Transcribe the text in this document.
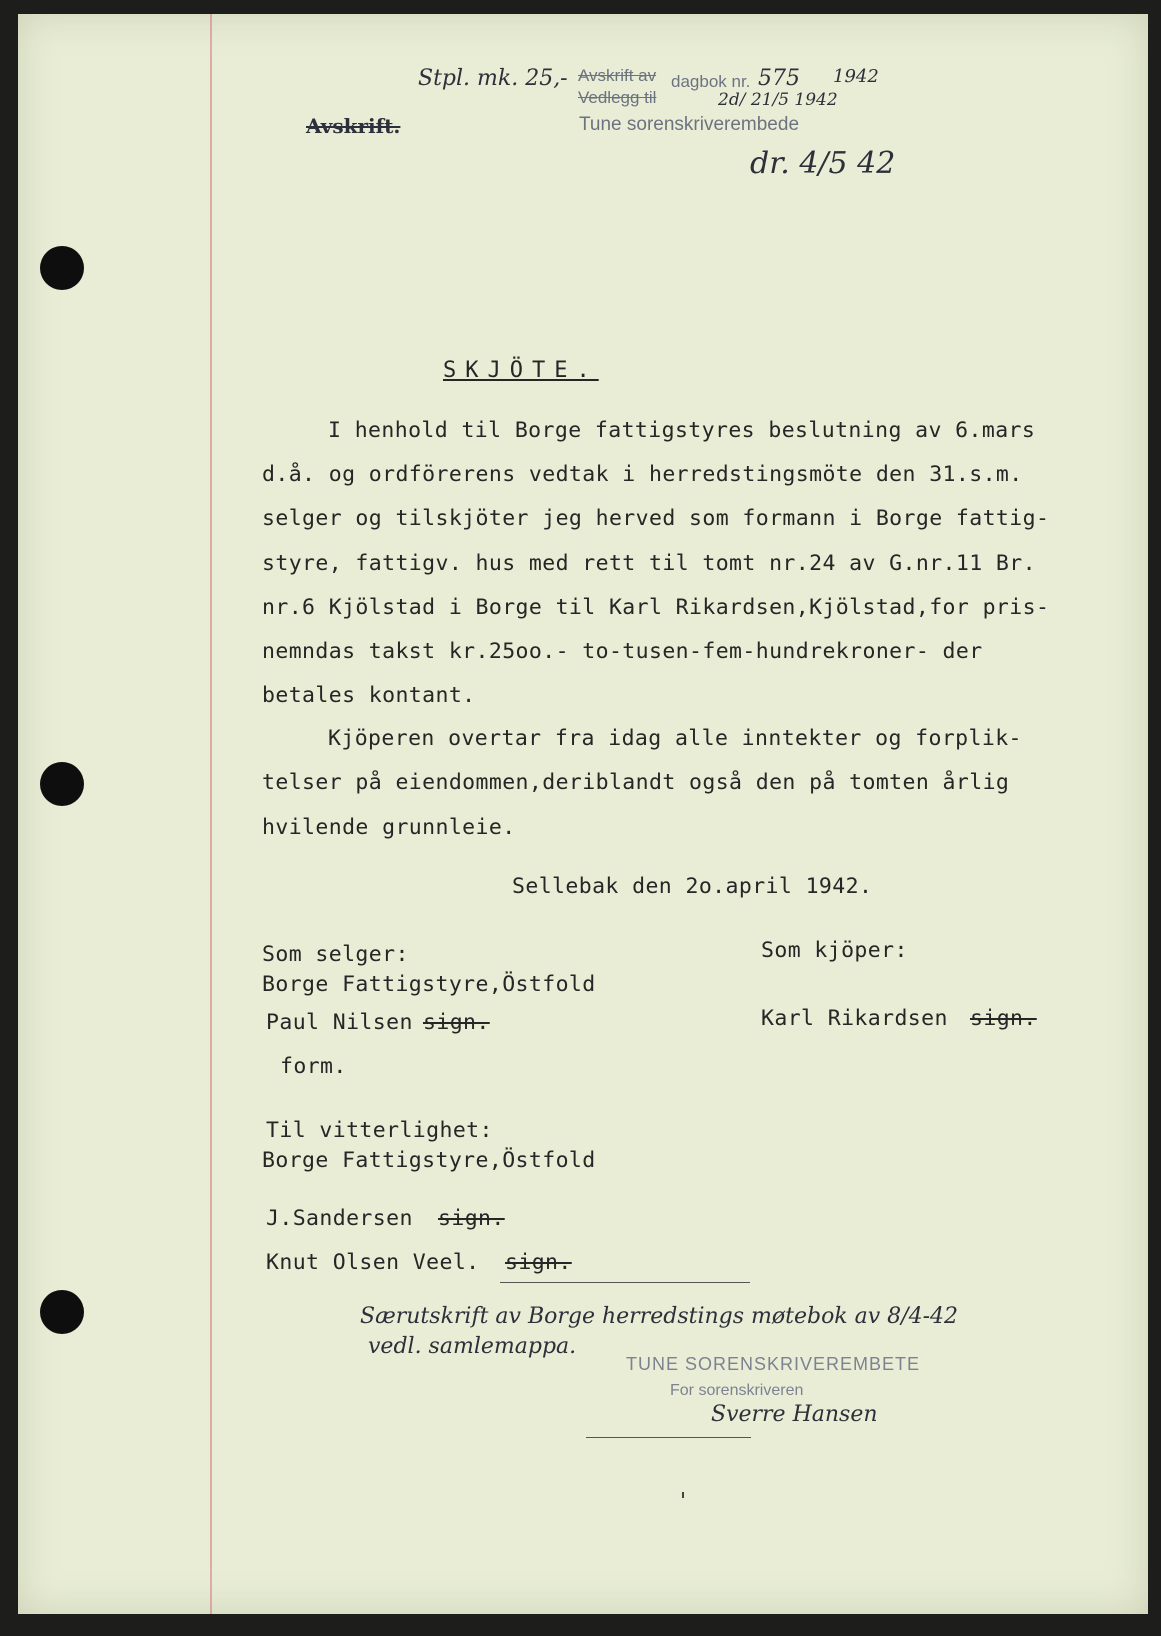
Stpl. mk. 25,-
Avskrift.
Avskrift av dagbok nr. 575 1942
Vedlegg til	2d/ 21/5 1942
Tune sorenskriverembede
dr. 4/5 42
SKJÖTE.
I henhold til Borge fattigstyres beslutning av 6.mars
d.å. og ordförerens vedtak i herredstingsmöte den 31.s.m.
selger og tilskjöter jeg herved som formann i Borge fattig-
styre, fattigv. hus med rett til tomt nr.24 av G.nr.11 Br.
nr.6 Kjölstad i Borge til Karl Rikardsen,Kjölstad,for pris-
nemndas takst kr.25oo.- to-tusen-fem-hundrekroner- der
betales kontant.
Kjöperen overtar fra idag alle inntekter og forplik-
telser på eiendommen,deriblandt også den på tomten årlig
hvilende grunnleie.
Sellebak den 2o.april 1942.
Som selger:
Borge Fattigstyre,Östfold
Paul Nilsen sign.
form.
Som kjöper:
Karl Rikardsen sign.
Til vitterlighet:
Borge Fattigstyre,Östfold
J.Sandersen sign.
Knut Olsen Veel. sign.
Særutskrift av Borge herredstings møtebok av 8/4-42
vedl. samlemappa.
TUNE SORENSKRIVEREMBETE
For sorenskriveren
Sverre Hansen
